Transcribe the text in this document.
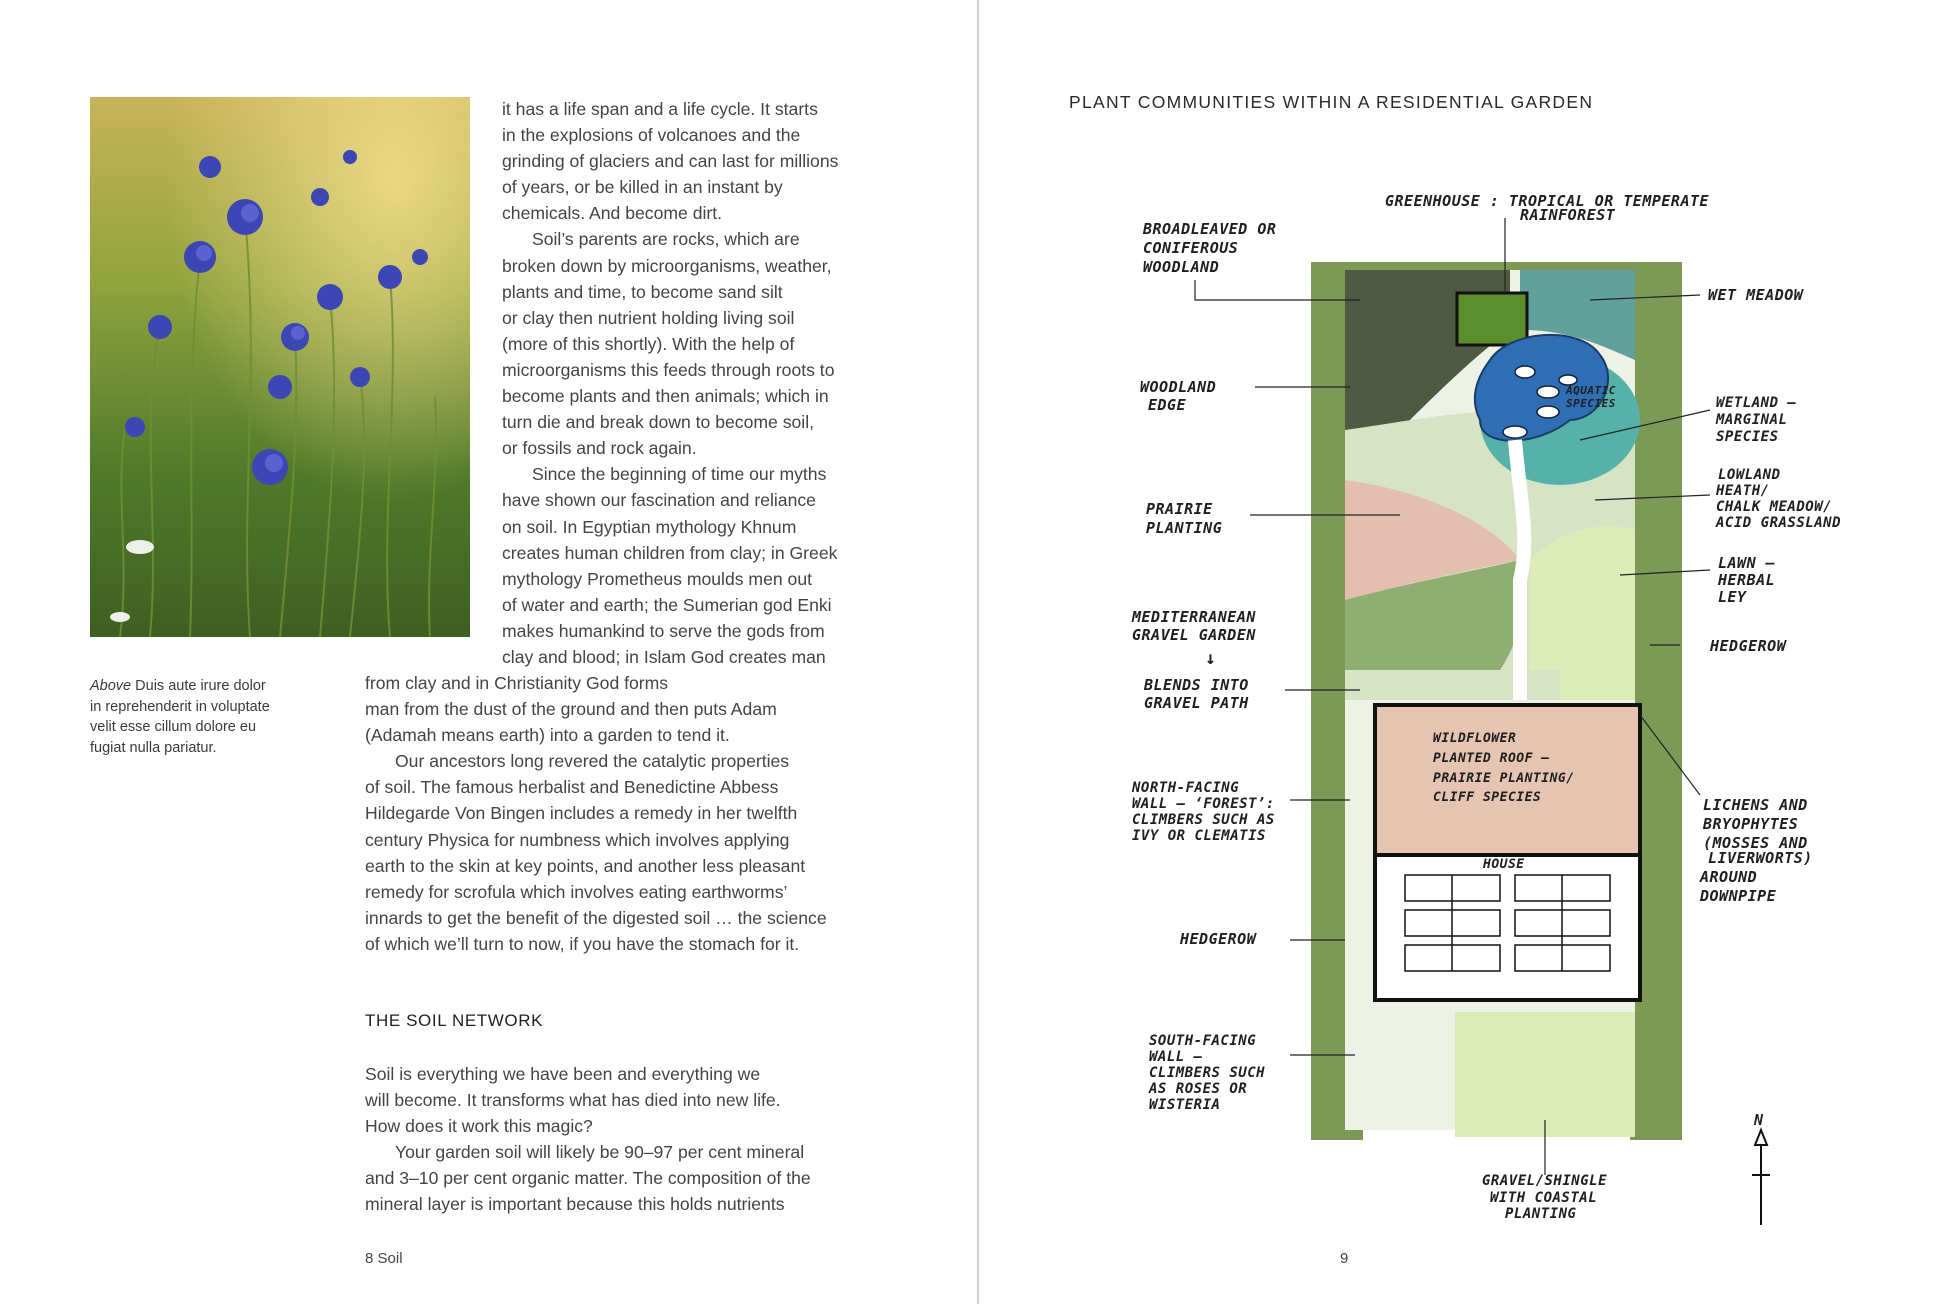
Above Duis aute irure dolor
in reprehenderit in voluptate
velit esse cillum dolore eu
fugiat nulla pariatur.

it has a life span and a life cycle. It starts
in the explosions of volcanoes and the
grinding of glaciers and can last for millions
of years, or be killed in an instant by
chemicals. And become dirt.

Soil’s parents are rocks, which are
broken down by microorganisms, weather,
plants and time, to become sand silt
or clay then nutrient holding living soil
(more of this shortly). With the help of
microorganisms this feeds through roots to
become plants and then animals; which in
turn die and break down to become soil,
or fossils and rock again.

Since the beginning of time our myths
have shown our fascination and reliance
on soil. In Egyptian mythology Khnum
creates human children from clay; in Greek
mythology Prometheus moulds men out
of water and earth; the Sumerian god Enki
makes humankind to serve the gods from
clay and blood; in Islam God creates man

from clay and in Christianity God forms
man from the dust of the ground and then puts Adam
(Adamah means earth) into a garden to tend it.

Our ancestors long revered the catalytic properties
of soil. The famous herbalist and Benedictine Abbess
Hildegarde Von Bingen includes a remedy in her twelfth
century Physica for numbness which involves applying
earth to the skin at key points, and another less pleasant
remedy for scrofula which involves eating earthworms’
innards to get the benefit of the digested soil … the science
of which we’ll turn to now, if you have the stomach for it.

THE SOIL NETWORK

Soil is everything we have been and everything we
will become. It transforms what has died into new life.
How does it work this magic?

Your garden soil will likely be 90–97 per cent mineral
and 3–10 per cent organic matter. The composition of the
mineral layer is important because this holds nutrients

8 Soil
PLANT COMMUNITIES WITHIN A RESIDENTIAL GARDEN
9
N
GREENHOUSE : TROPICAL OR TEMPERATE
RAINFOREST
BROADLEAVED OR
CONIFEROUS
WOODLAND
WET MEADOW
WOODLAND
EDGE
AQUATIC
SPECIES	WETLAND –
MARGINAL
SPECIES
LOWLAND
HEATH/
CHALK MEADOW/
ACID GRASSLAND
PRAIRIE
PLANTING
LAWN –
HERBAL
LEY
MEDITERRANEAN
GRAVEL GARDEN
HEDGEROW
↓
BLENDS INTO
GRAVEL PATH
WILDFLOWER
PLANTED ROOF –
PRAIRIE PLANTING/
CLIFF SPECIES
NORTH-FACING
WALL – ‘FOREST’:
CLIMBERS SUCH AS
IVY OR CLEMATIS
LICHENS AND
BRYOPHYTES
(MOSSES AND
LIVERWORTS)
AROUND
DOWNPIPE
HOUSE
HEDGEROW
SOUTH-FACING
WALL –
CLIMBERS SUCH
AS ROSES OR
WISTERIA
GRAVEL/SHINGLE
WITH COASTAL
PLANTING
